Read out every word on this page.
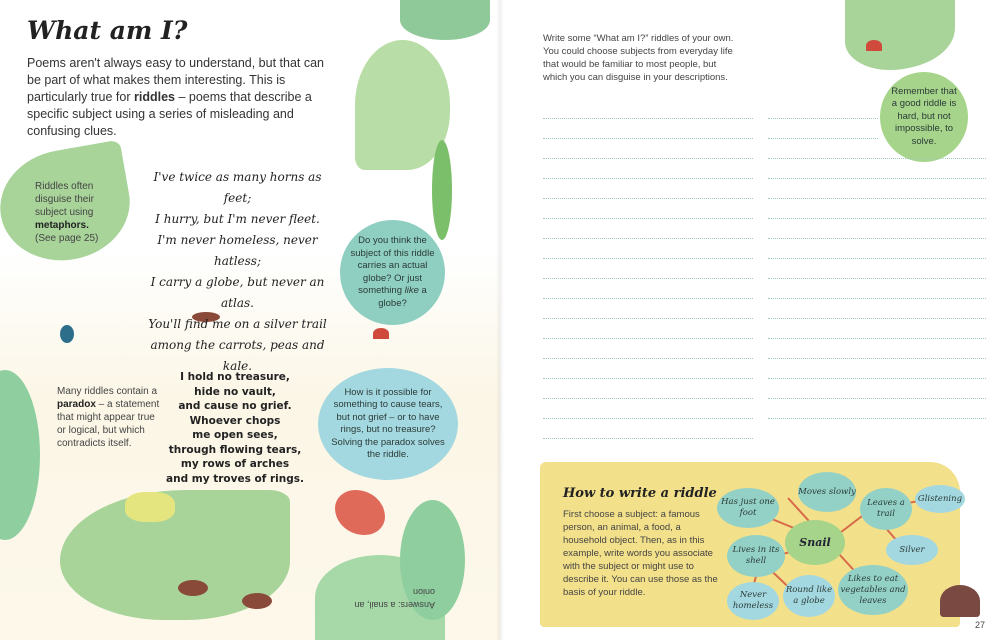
What am I?

Poems aren't always easy to understand, but that can be part of what makes them interesting. This is particularly true for riddles – poems that describe a specific subject using a series of misleading and confusing clues.

Riddles often disguise their subject using metaphors. (See page 25)

I've twice as many horns as feet;
I hurry, but I'm never fleet.
I'm never homeless, never hatless;
I carry a globe, but never an atlas.
You'll find me on a silver trail
among the carrots, peas and kale.
Do you think the subject of this riddle carries an actual globe? Or just something like a globe?

Many riddles contain a paradox – a statement that might appear true or logical, but which contradicts itself.

I hold no treasure,
hide no vault,
and cause no grief.
Whoever chops
me open sees,
through flowing tears,
my rows of arches
and my troves of rings.
How is it possible for something to cause tears, but not grief – or to have rings, but no treasure? Solving the paradox solves the riddle.
Answers: a snail, an onion

Write some “What am I?” riddles of your own. You could choose subjects from everyday life that would be familiar to most people, but which you can disguise in your descriptions.

Remember that a good riddle is hard, but not impossible, to solve.
How to write a riddle

First choose a subject: a famous person, an animal, a food, a household object. Then, as in this example, write words you associate with the subject or might use to describe it. You can use those as the basis of your riddle.

Snail
Has just one foot
Moves slowly
Leaves a trail
Glistening
Silver
Lives in its shell
Never homeless
Round like a globe
Likes to eat vegetables and leaves
27
